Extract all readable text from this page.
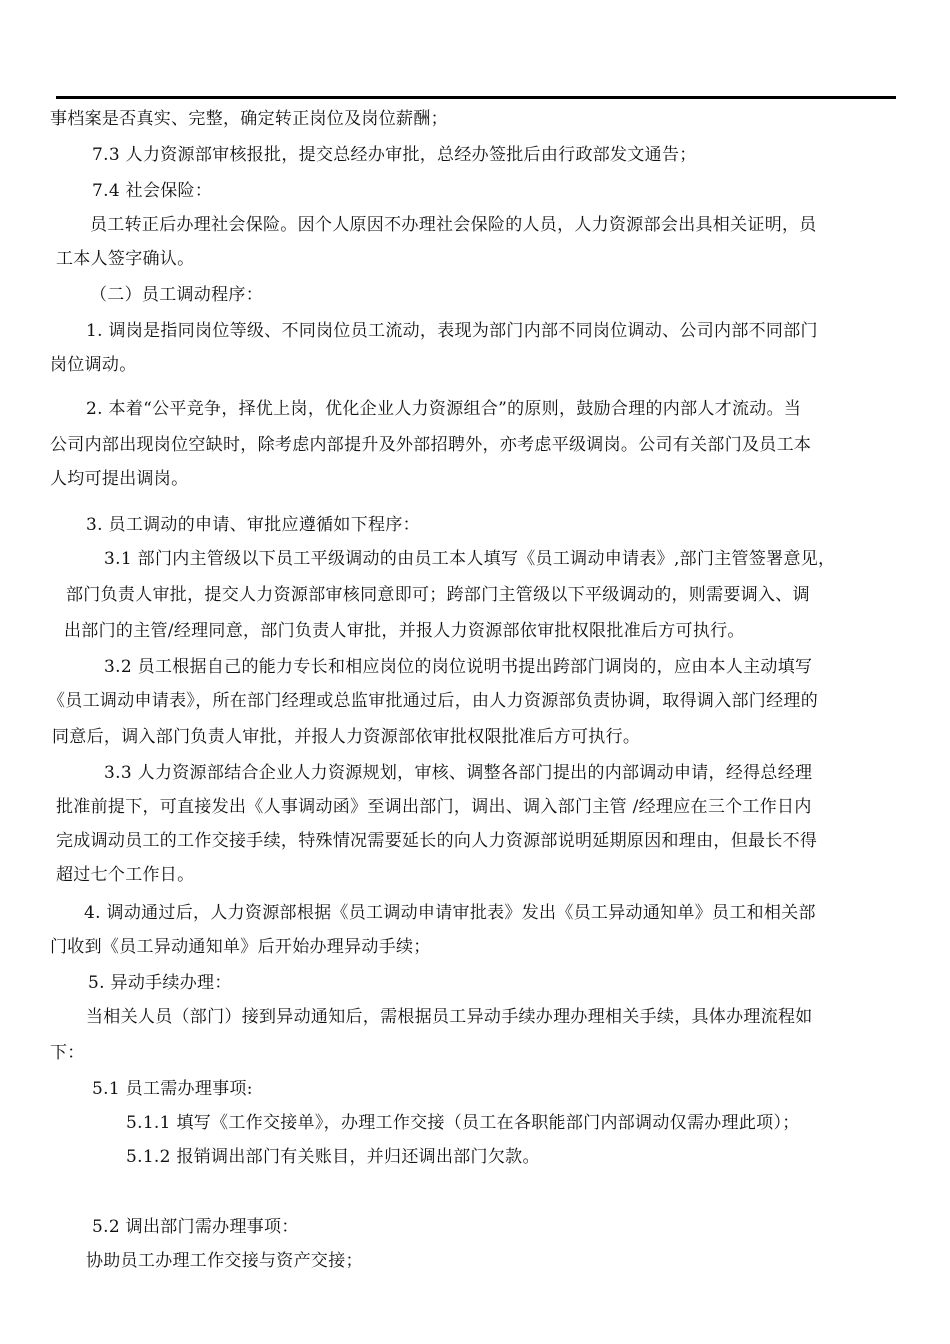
事档案是否真实、完整，确定转正岗位及岗位薪酬；
7.3 人力资源部审核报批，提交总经办审批，总经办签批后由行政部发文通告；
7.4 社会保险：
员工转正后办理社会保险。因个人原因不办理社会保险的人员，人力资源部会出具相关证明，员
工本人签字确认。
（二）员工调动程序：
1. 调岗是指同岗位等级、不同岗位员工流动，表现为部门内部不同岗位调动、公司内部不同部门
岗位调动。
2. 本着“公平竞争，择优上岗，优化企业人力资源组合”的原则，鼓励合理的内部人才流动。当
公司内部出现岗位空缺时，除考虑内部提升及外部招聘外，亦考虑平级调岗。公司有关部门及员工本
人均可提出调岗。
3. 员工调动的申请、审批应遵循如下程序：
3.1 部门内主管级以下员工平级调动的由员工本人填写《员工调动申请表》,部门主管签署意见，
部门负责人审批，提交人力资源部审核同意即可；跨部门主管级以下平级调动的，则需要调入、调
出部门的主管/经理同意，部门负责人审批，并报人力资源部依审批权限批准后方可执行。
3.2 员工根据自己的能力专长和相应岗位的岗位说明书提出跨部门调岗的，应由本人主动填写
《员工调动申请表》，所在部门经理或总监审批通过后，由人力资源部负责协调，取得调入部门经理的
同意后，调入部门负责人审批，并报人力资源部依审批权限批准后方可执行。
3.3 人力资源部结合企业人力资源规划，审核、调整各部门提出的内部调动申请，经得总经理
批准前提下，可直接发出《人事调动函》至调出部门，调出、调入部门主管 /经理应在三个工作日内
完成调动员工的工作交接手续，特殊情况需要延长的向人力资源部说明延期原因和理由，但最长不得
超过七个工作日。
4. 调动通过后，人力资源部根据《员工调动申请审批表》发出《员工异动通知单》员工和相关部
门收到《员工异动通知单》后开始办理异动手续；
5. 异动手续办理：
当相关人员（部门）接到异动通知后，需根据员工异动手续办理办理相关手续，具体办理流程如
下：
5.1 员工需办理事项:
5.1.1 填写《工作交接单》，办理工作交接（员工在各职能部门内部调动仅需办理此项）；
5.1.2 报销调出部门有关账目，并归还调出部门欠款。
5.2 调出部门需办理事项：
协助员工办理工作交接与资产交接；
